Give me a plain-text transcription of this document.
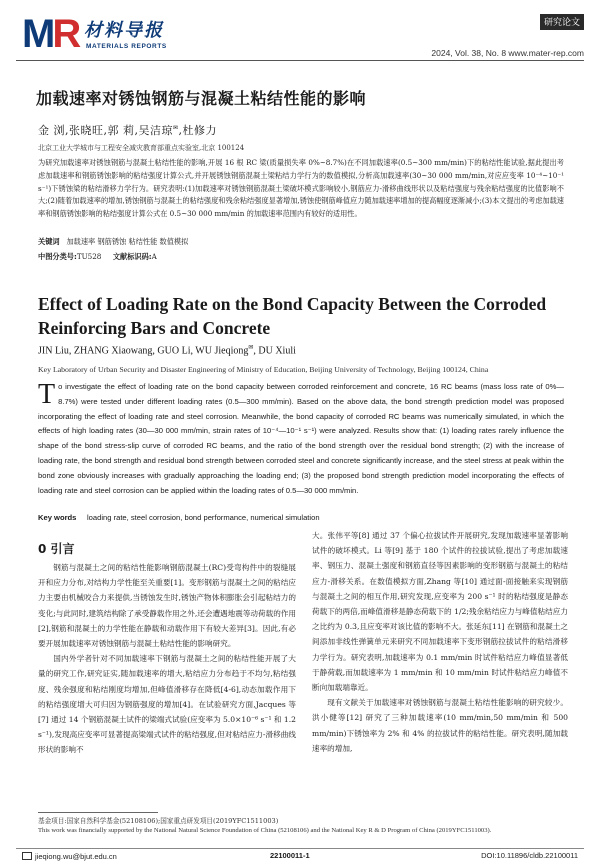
MR 材料导报
MATERIALS REPORTS
研究论文
2024, Vol. 38, No. 8 www.mater-rep.com
加载速率对锈蚀钢筋与混凝土粘结性能的影响
金 浏,张晓旺,郭 莉,吴洁琼✉,杜修力
北京工业大学城市与工程安全减灾教育部重点实验室,北京 100124
为研究加载速率对锈蚀钢筋与混凝土粘结性能的影响,开展 16 根 RC 梁(质量损失率 0%~8.7%)在不同加载速率(0.5~300 mm/min)下的粘结性能试验,据此提出考虑加载速率和钢筋锈蚀影响的粘结强度计算公式,并开展锈蚀钢筋混凝土梁粘结力学行为的数值模拟,分析高加载速率(30~30 000 mm/min,对应应变率 10⁻⁴~10⁻¹ s⁻¹)下锈蚀梁的粘结滑移力学行为。研究表明:(1)加载速率对锈蚀钢筋混凝土梁破坏模式影响较小,钢筋应力-滑移曲线形状以及粘结强度与残余粘结强度的比值影响不大;(2)随着加载速率的增加,锈蚀钢筋与混凝土的粘结强度和残余粘结强度显著增加,锈蚀使钢筋峰值应力随加载速率增加的提高幅度逐渐减小;(3)本文提出的考虑加载速率和钢筋锈蚀影响的粘结强度计算公式在 0.5~30 000 mm/min 的加载速率范围内有较好的适用性。
关键词 加载速率 钢筋锈蚀 粘结性能 数值模拟
中图分类号:TU528 文献标识码:A
Effect of Loading Rate on the Bond Capacity Between the Corroded Reinforcing Bars and Concrete
JIN Liu, ZHANG Xiaowang, GUO Li, WU Jieqiong✉, DU Xiuli
Key Laboratory of Urban Security and Disaster Engineering of Ministry of Education, Beijing University of Technology, Beijing 100124, China
To investigate the effect of loading rate on the bond capacity between corroded reinforcement and concrete, 16 RC beams (mass loss rate of 0%—8.7%) were tested under different loading rates (0.5—300 mm/min). Based on the above data, the bond strength prediction model was proposed incorporating the effect of loading rate and steel corrosion. Meanwhile, the bond capacity of corroded RC beams was numerically simulated, in which the effects of high loading rates (30—30 000 mm/min, strain rates of 10⁻⁴—10⁻¹ s⁻¹) were analyzed. Results show that: (1) loading rates rarely influence the shape of the bond stress-slip curve of corroded RC beams, and the ratio of the bond strength over the residual bond strength; (2) with the increase of loading rate, the bond strength and residual bond strength between corroded steel and concrete significantly increase, and the steel stress at peak within the bond zone obviously increases with gradually approaching the loading end; (3) the proposed bond strength prediction model incorporating the effects of loading rate and steel corrosion can be applied within the loading rates of 0.5—30 000 mm/min.
Key words loading rate, steel corrosion, bond performance, numerical simulation
0 引言

钢筋与混凝土之间的粘结性能影响钢筋混凝土(RC)受弯构件中的裂缝展开和应力分布,对结构力学性能至关重要[1]。变形钢筋与混凝土之间的粘结应力主要由机械咬合力来提供,当锈蚀发生时,锈蚀产物体积膨胀会引起粘结力的变化;与此同时,建筑结构除了承受静载作用之外,还会遭遇地震等动荷载的作用[2],钢筋和混凝土的力学性能在静载和动载作用下有较大差异[3]。因此,有必要开展加载速率对锈蚀钢筋与混凝土粘结性能的影响研究。

国内外学者针对不同加载速率下钢筋与混凝土之间的粘结性能开展了大量的研究工作,研究证实,随加载速率的增大,粘结应力分布趋于不均匀,粘结强度、残余强度和粘结刚度均增加,但峰值滑移存在降低[4-6],动态加载作用下的粘结强度增大可归因为钢筋强度的增加[4]。在试验研究方面,Jacques 等[7] 通过 14 个钢筋混凝土试件的梁端式试验(应变率为 5.0×10⁻⁶ s⁻¹ 和 1.2 s⁻¹),发现高应变率可显著提高梁端式试件的粘结强度,但对粘结应力-滑移曲线形状的影响不

大。张伟平等[8] 通过 37 个偏心拉拔试件开展研究,发现加载速率显著影响试件的破坏模式。Li 等[9] 基于 180 个试件的拉拔试验,提出了考虑加载速率、钢压力、混凝土强度和钢筋直径等因素影响的变形钢筋与混凝土的粘结应力-滑移关系。在数值模拟方面,Zhang 等[10] 通过面-面接触来实现钢筋与混凝土之间的相互作用,研究发现,应变率为 200 s⁻¹ 时的粘结强度是静态荷载下的两倍,而峰值滑移是静态荷载下的 1/2;残余粘结应力与峰值粘结应力之比约为 0.3,且应变率对该比值的影响不大。张延东[11] 在钢筋和混凝土之间添加非线性弹簧单元来研究不同加载速率下变形钢筋拉拔试件的粘结滑移力学行为。研究表明,加载速率为 0.1 mm/min 时试件粘结应力峰值显著低于静荷载,而加载速率为 1 mm/min 和 10 mm/min 时试件粘结应力峰值不断向加载端靠近。

现有文献关于加载速率对锈蚀钢筋与混凝土粘结性能影响的研究较少。洪小健等[12] 研究了三种加载速率(10 mm/min,50 mm/min 和 500 mm/min)下锈蚀率为 2% 和 4% 的拉拔试件的粘结性能。研究表明,随加载速率的增加,

基金项目:国家自然科学基金(52108106);国家重点研发项目(2019YFC1511003)
This work was financially supported by the National Natural Science Foundation of China (52108106) and the National Key R & D Program of China (2019YFC1511003).
jieqiong.wu@bjut.edu.cn	22100011-1	DOI:10.11896/cldb.22100011
